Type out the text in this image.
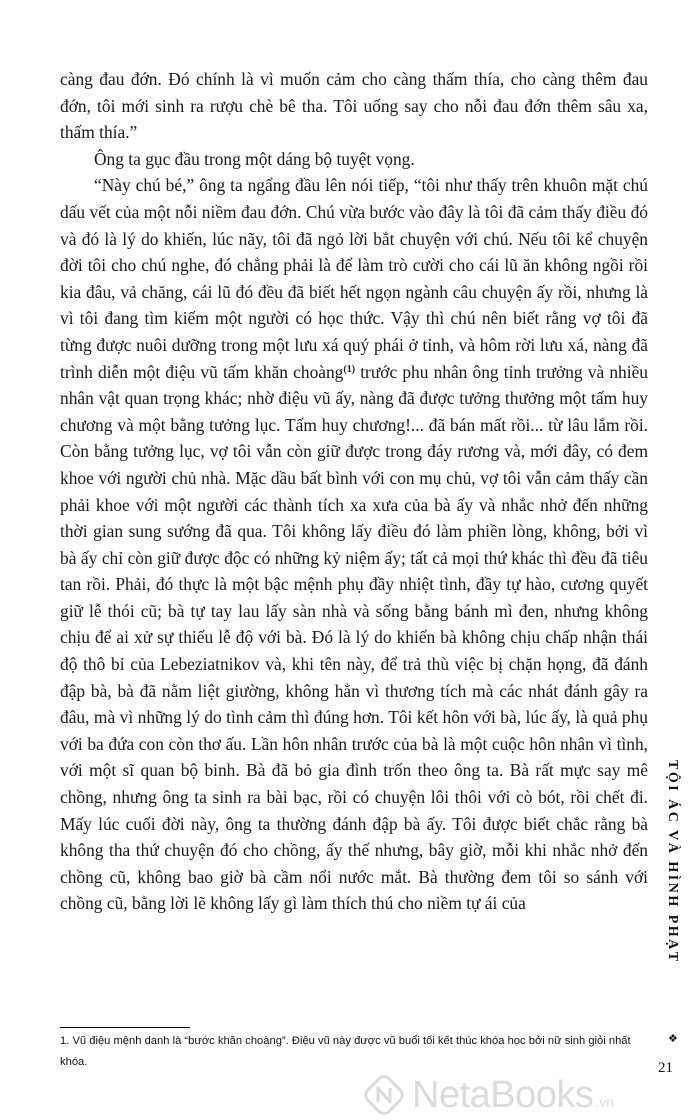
càng đau đớn. Đó chính là vì muốn cảm cho càng thấm thía, cho càng thêm đau đớn, tôi mới sinh ra rượu chè bê tha. Tôi uống say cho nỗi đau đớn thêm sâu xa, thấm thía.”

Ông ta gục đầu trong một dáng bộ tuyệt vọng.

“Này chú bé,” ông ta ngẩng đầu lên nói tiếp, “tôi như thấy trên khuôn mặt chú dấu vết của một nỗi niềm đau đớn. Chú vừa bước vào đây là tôi đã cảm thấy điều đó và đó là lý do khiến, lúc nãy, tôi đã ngỏ lời bắt chuyện với chú. Nếu tôi kể chuyện đời tôi cho chú nghe, đó chẳng phải là để làm trò cười cho cái lũ ăn không ngồi rồi kia đâu, vả chăng, cái lũ đó đều đã biết hết ngọn ngành câu chuyện ấy rồi, nhưng là vì tôi đang tìm kiếm một người có học thức. Vậy thì chú nên biết rằng vợ tôi đã từng được nuôi dưỡng trong một lưu xá quý phái ở tỉnh, và hôm rời lưu xá, nàng đã trình diễn một điệu vũ tấm khăn choàng$^{(1)}$ trước phu nhân ông tỉnh trưởng và nhiều nhân vật quan trọng khác; nhờ điệu vũ ấy, nàng đã được tưởng thưởng một tấm huy chương và một bằng tưởng lục. Tấm huy chương!... đã bán mất rồi... từ lâu lắm rồi. Còn bằng tưởng lục, vợ tôi vẫn còn giữ được trong đáy rương và, mới đây, có đem khoe với người chủ nhà. Mặc dầu bất bình với con mụ chủ, vợ tôi vẫn cảm thấy cần phải khoe với một người các thành tích xa xưa của bà ấy và nhắc nhở đến những thời gian sung sướng đã qua. Tôi không lấy điều đó làm phiền lòng, không, bởi vì bà ấy chỉ còn giữ được độc có những kỷ niệm ấy; tất cả mọi thứ khác thì đều đã tiêu tan rồi. Phải, đó thực là một bậc mệnh phụ đầy nhiệt tình, đầy tự hào, cương quyết giữ lễ thói cũ; bà tự tay lau lấy sàn nhà và sống bằng bánh mì đen, nhưng không chịu để ai xử sự thiếu lễ độ với bà. Đó là lý do khiến bà không chịu chấp nhận thái độ thô bỉ của Lebeziatnikov và, khi tên này, để trả thù việc bị chặn họng, đã đánh đập bà, bà đã nằm liệt giường, không hẳn vì thương tích mà các nhát đánh gây ra đâu, mà vì những lý do tình cảm thì đúng hơn. Tôi kết hôn với bà, lúc ấy, là quả phụ với ba đứa con còn thơ ấu. Lần hôn nhân trước của bà là một cuộc hôn nhân vì tình, với một sĩ quan bộ binh. Bà đã bỏ gia đình trốn theo ông ta. Bà rất mực say mê chồng, nhưng ông ta sinh ra bài bạc, rồi có chuyện lôi thôi với cò bót, rồi chết đi. Mấy lúc cuối đời này, ông ta thường đánh đập bà ấy. Tôi được biết chắc rằng bà không tha thứ chuyện đó cho chồng, ấy thế nhưng, bây giờ, mỗi khi nhắc nhở đến chồng cũ, không bao giờ bà cầm nổi nước mắt. Bà thường đem tôi so sánh với chồng cũ, bằng lời lẽ không lấy gì làm thích thú cho niềm tự ái của

1. Vũ điệu mệnh danh là “bước khăn choàng”. Điệu vũ này được vũ buổi tối kết thúc khóa học bởi nữ sinh giỏi nhất khóa.
TỘI ÁC VÀ HÌNH PHẠT
❖
21
NetaBooks .vn
